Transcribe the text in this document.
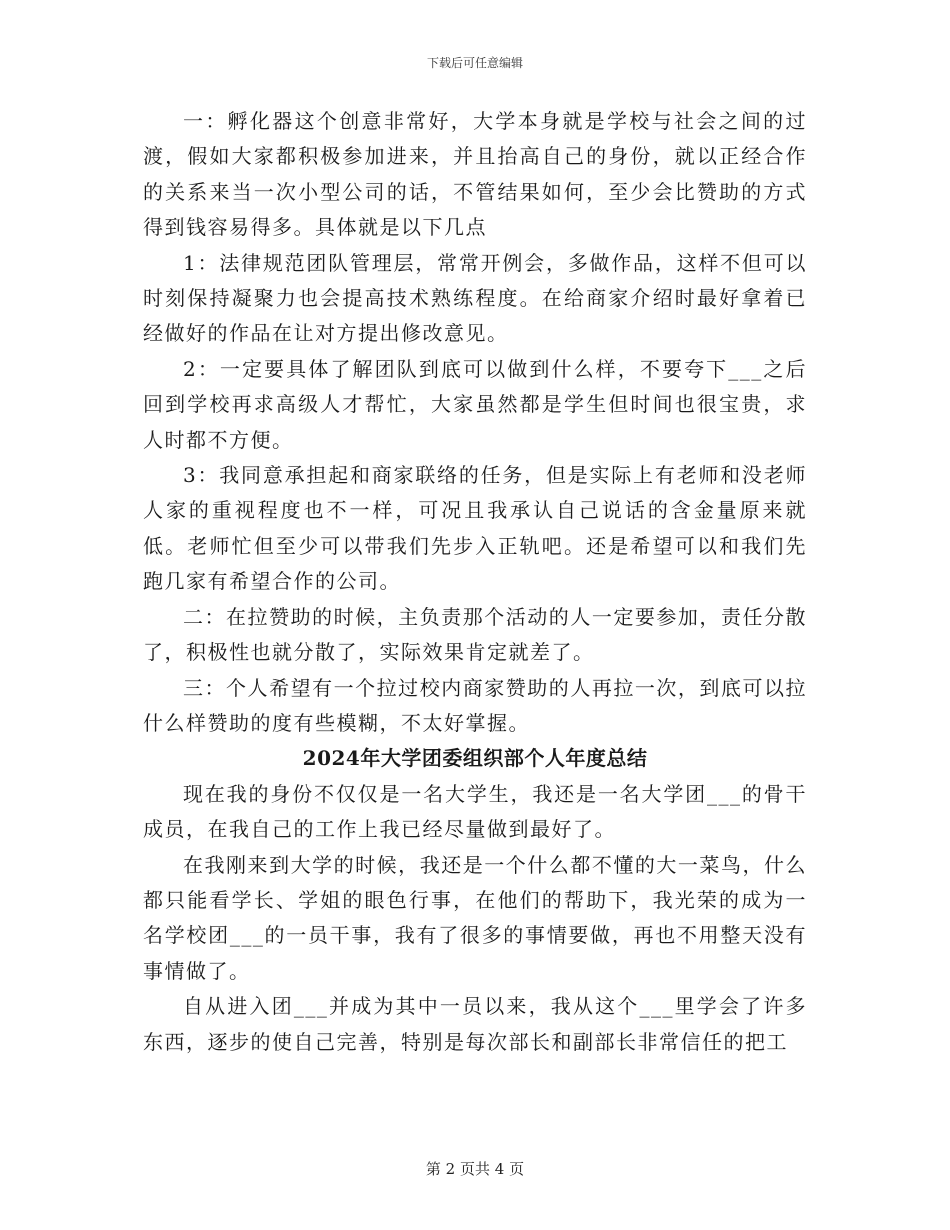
下载后可任意编辑

一：孵化器这个创意非常好，大学本身就是学校与社会之间的过渡，假如大家都积极参加进来，并且抬高自己的身份，就以正经合作的关系来当一次小型公司的话，不管结果如何，至少会比赞助的方式得到钱容易得多。具体就是以下几点

1：法律规范团队管理层，常常开例会，多做作品，这样不但可以时刻保持凝聚力也会提高技术熟练程度。在给商家介绍时最好拿着已经做好的作品在让对方提出修改意见。

2：一定要具体了解团队到底可以做到什么样，不要夸下___之后回到学校再求高级人才帮忙，大家虽然都是学生但时间也很宝贵，求人时都不方便。

3：我同意承担起和商家联络的任务，但是实际上有老师和没老师人家的重视程度也不一样，可况且我承认自己说话的含金量原来就低。老师忙但至少可以带我们先步入正轨吧。还是希望可以和我们先跑几家有希望合作的公司。

二：在拉赞助的时候，主负责那个活动的人一定要参加，责任分散了，积极性也就分散了，实际效果肯定就差了。

三：个人希望有一个拉过校内商家赞助的人再拉一次，到底可以拉什么样赞助的度有些模糊，不太好掌握。

2024年大学团委组织部个人年度总结

现在我的身份不仅仅是一名大学生，我还是一名大学团___的骨干成员，在我自己的工作上我已经尽量做到最好了。

在我刚来到大学的时候，我还是一个什么都不懂的大一菜鸟，什么都只能看学长、学姐的眼色行事，在他们的帮助下，我光荣的成为一名学校团___的一员干事，我有了很多的事情要做，再也不用整天没有事情做了。

自从进入团___并成为其中一员以来，我从这个___里学会了许多东西，逐步的使自己完善，特别是每次部长和副部长非常信任的把工

第 2 页共 4 页
